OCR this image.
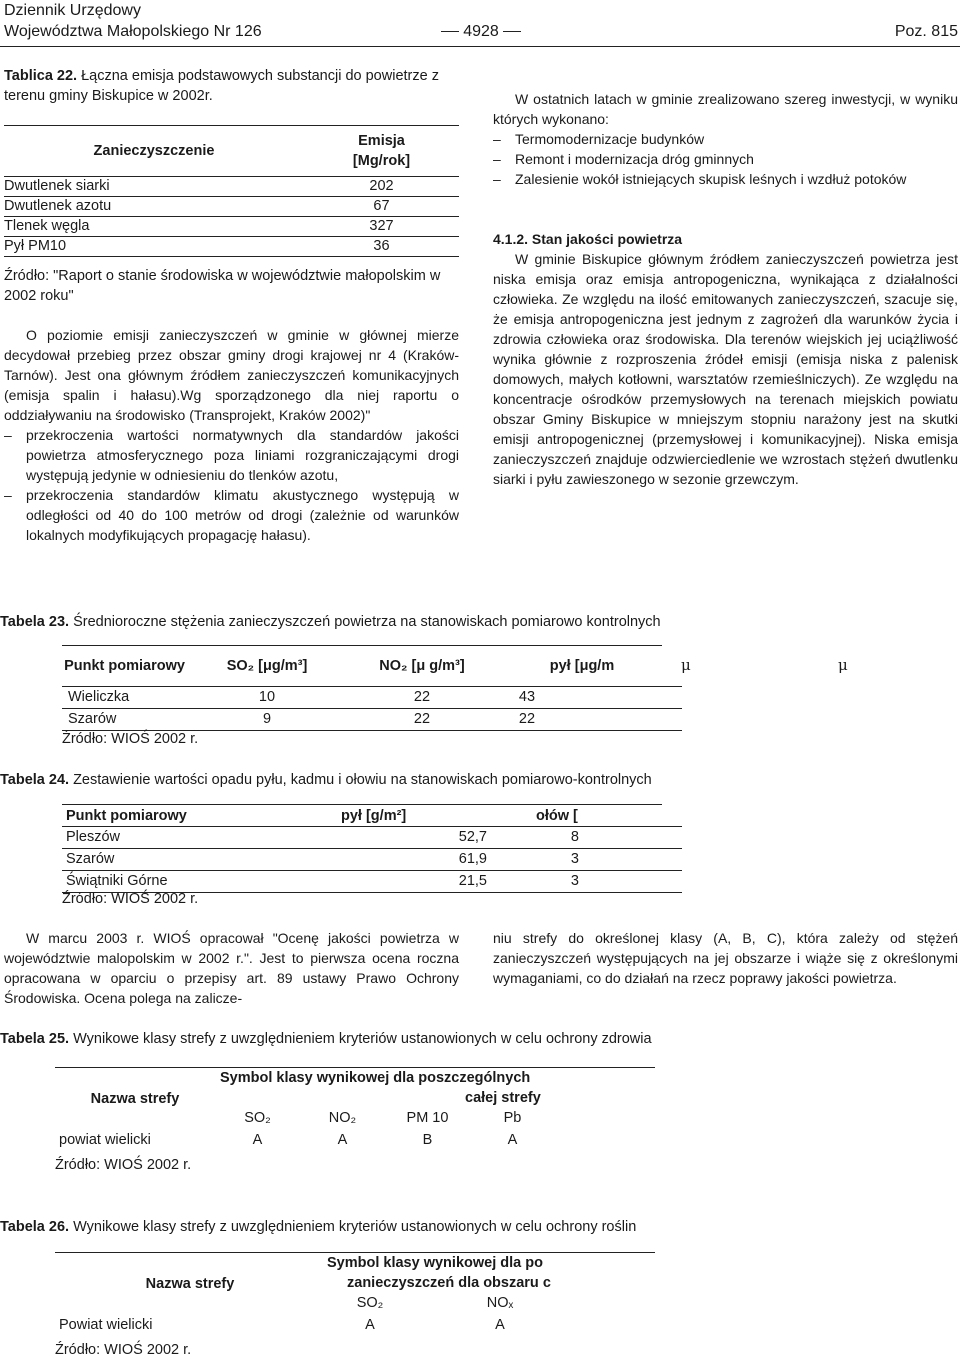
Dziennik Urzędowy
Województwa Małopolskiego Nr 126	4928	Poz. 815
Tablica 22. Łączna emisja podstawowych substancji do powietrze z terenu gminy Biskupice w 2002r.
Zanieczyszczenie
Emisja
[Mg/rok]
Dwutlenek siarki	202
Dwutlenek azotu	67
Tlenek węgla	327
Pył PM10	36
Źródło: "Raport o stanie środowiska w województwie małopolskim w 2002 roku"
O poziomie emisji zanieczyszczeń w gminie w głównej mierze decydował przebieg przez obszar gminy drogi krajowej nr 4 (Kraków-Tarnów). Jest ona głównym źródłem zanieczyszczeń komunikacyjnych (emisja spalin i hałasu).Wg sporządzonego dla niej raportu o oddziaływaniu na środowisko (Transprojekt, Kraków 2002)"
– przekroczenia wartości normatywnych dla standardów jakości powietrza atmosferycznego poza liniami rozgraniczającymi drogi występują jedynie w odniesieniu do tlenków azotu,
– przekroczenia standardów klimatu akustycznego występują w odległości od 40 do 100 metrów od drogi (zależnie od warunków lokalnych modyfikujących propagację hałasu).
W ostatnich latach w gminie zrealizowano szereg inwestycji, w wyniku których wykonano:
– Termomodernizacje budynków
– Remont i modernizacja dróg gminnych
– Zalesienie wokół istniejących skupisk leśnych i wzdłuż potoków
4.1.2. Stan jakości powietrza
W gminie Biskupice głównym źródłem zanieczyszczeń powietrza jest niska emisja oraz emisja antropogeniczna, wynikająca z działalności człowieka. Ze względu na ilość emitowanych zanieczyszczeń, szacuje się, że emisja antropogeniczna jest jednym z zagrożeń dla warunków życia i zdrowia człowieka oraz środowiska. Dla terenów wiejskich jej uciążliwość wynika głównie z rozproszenia źródeł emisji (emisja niska z palenisk domowych, małych kotłowni, warsztatów rzemieślniczych). Ze względu na koncentracje ośrodków przemysłowych na terenach miejskich powiatu obszar Gminy Biskupice w mniejszym stopniu narażony jest na skutki emisji antropogenicznej (przemysłowej i komunikacyjnej). Niska emisja zanieczyszczeń znajduje odzwierciedlenie we wzrostach stężeń dwutlenku siarki i pyłu zawieszonego w sezonie grzewczym.
Tabela 23. Średnioroczne stężenia zanieczyszczeń powietrza na stanowiskach pomiarowo kontrolnych
Punkt pomiarowy	SO₂ [μg/m³]	NO₂ [μ g/m³]	pył [μg/m
Wieliczka	10	22	43
Szarów	9	22	22
μ	μ
Źródło: WIOŚ 2002 r.
Tabela 24. Zestawienie wartości opadu pyłu, kadmu i ołowiu na stanowiskach pomiarowo-kontrolnych
Punkt pomiarowy	pył [g/m²]	ołów [
Pleszów	52,7	8
Szarów	61,9	3
Świątniki Górne	21,5	3
Źródło: WIOŚ 2002 r.
W marcu 2003 r. WIOŚ opracował "Ocenę jakości powietrza w województwie malopolskim w 2002 r.". Jest to pierwsza ocena roczna opracowana w oparciu o przepisy art. 89 ustawy Prawo Ochrony Środowiska. Ocena polega na zalicze-
niu strefy do określonej klasy (A, B, C), która zależy od stężeń zanieczyszczeń występujących na jej obszarze i wiąże się z określonymi wymaganiami, co do działań na rzecz poprawy jakości powietrza.
Tabela 25. Wynikowe klasy strefy z uwzględnieniem kryteriów ustanowionych w celu ochrony zdrowia
Nazwa strefy
Symbol klasy wynikowej dla poszczególnych
całej strefy
SO₂	NO₂	PM 10	Pb
powiat wielicki	A	A	B	A
Źródło: WIOŚ 2002 r.
Tabela 26. Wynikowe klasy strefy z uwzględnieniem kryteriów ustanowionych w celu ochrony roślin
Nazwa strefy
Symbol klasy wynikowej dla po
zanieczyszczeń dla obszaru c
SO₂	NOₓ
Powiat wielicki	A	A
Źródło: WIOŚ 2002 r.
